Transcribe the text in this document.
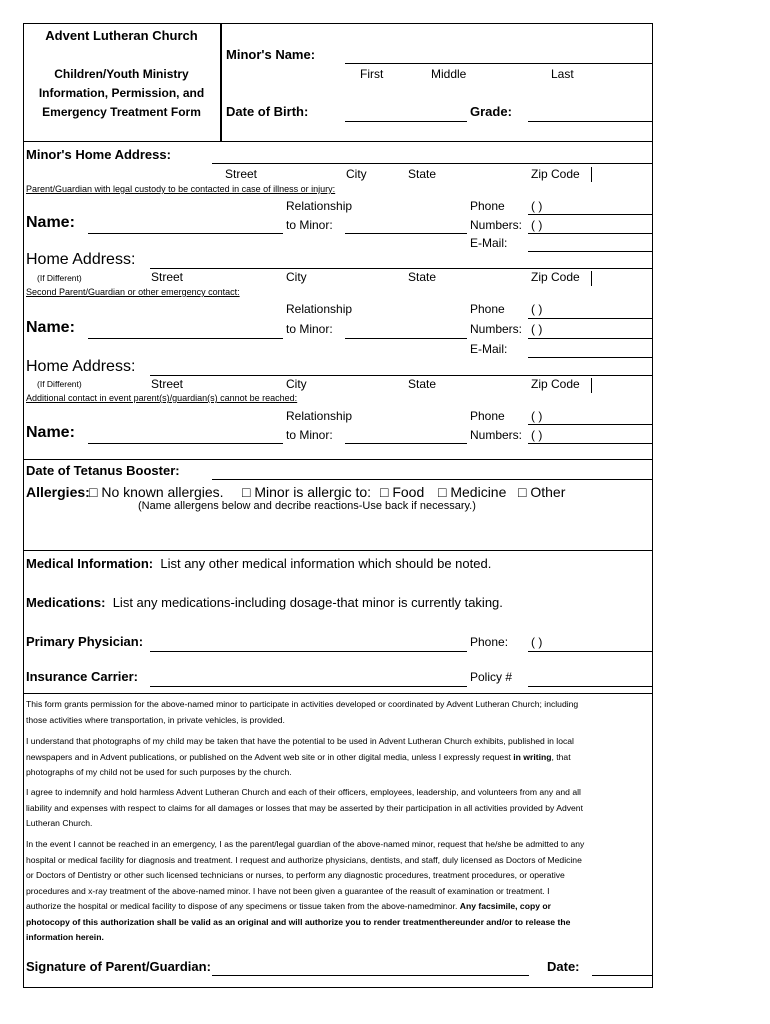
Advent Lutheran Church
Children/Youth Ministry
Information, Permission, and
Emergency Treatment Form
Minor's Name:
First	Middle	Last
Date of Birth:	Grade:
Minor's Home Address:
Street	City	State	Zip Code
Parent/Guardian with legal custody to be contacted in case of illness or injury:
Relationship	Phone ( )
Name:	to Minor:	Numbers: ( )
E-Mail:
Home Address:
(If Different)	Street	City	State	Zip Code
Second Parent/Guardian or other emergency contact:
Relationship	Phone ( )
Name:	to Minor:	Numbers: ( )
E-Mail:
Home Address:
(If Different)	Street	City	State	Zip Code
Additional contact in event parent(s)/guardian(s) cannot be reached:
Relationship	Phone ( )
Name:	to Minor:	Numbers: ( )
Date of Tetanus Booster:
Allergies: □ No known allergies. □ Minor is allergic to: □ Food □ Medicine □ Other
(Name allergens below and decribe reactions-Use back if necessary.)
Medical Information: List any other medical information which should be noted.
Medications: List any medications-including dosage-that minor is currently taking.
Primary Physician:	Phone: ( )
Insurance Carrier:	Policy #
This form grants permission for the above-named minor to participate in activities developed or coordinated by Advent Lutheran Church; including those activities where transportation, in private vehicles, is provided.
I understand that photographs of my child may be taken that have the potential to be used in Advent Lutheran Church exhibits, published in local newspapers and in Advent publications, or published on the Advent web site or in other digital media, unless I expressly request in writing, that photographs of my child not be used for such purposes by the church.
I agree to indemnify and hold harmless Advent Lutheran Church and each of their officers, employees, leadership, and volunteers from any and all liability and expenses with respect to claims for all damages or losses that may be asserted by their participation in all activities provided by Advent Lutheran Church.
In the event I cannot be reached in an emergency, I as the parent/legal guardian of the above-named minor, request that he/she be admitted to any hospital or medical facility for diagnosis and treatment. I request and authorize physicians, dentists, and staff, duly licensed as Doctors of Medicine or Doctors of Dentistry or other such licensed technicians or nurses, to perform any diagnostic procedures, treatment procedures, or operative procedures and x-ray treatment of the above-named minor. I have not been given a guarantee of the reasult of examination or treatment. I authorize the hospital or medical facility to dispose of any specimens or tissue taken from the above-namedminor. Any facsimile, copy or photocopy of this authorization shall be valid as an original and will authorize you to render treatmenthereunder and/or to release the information herein.
Signature of Parent/Guardian:	Date:
